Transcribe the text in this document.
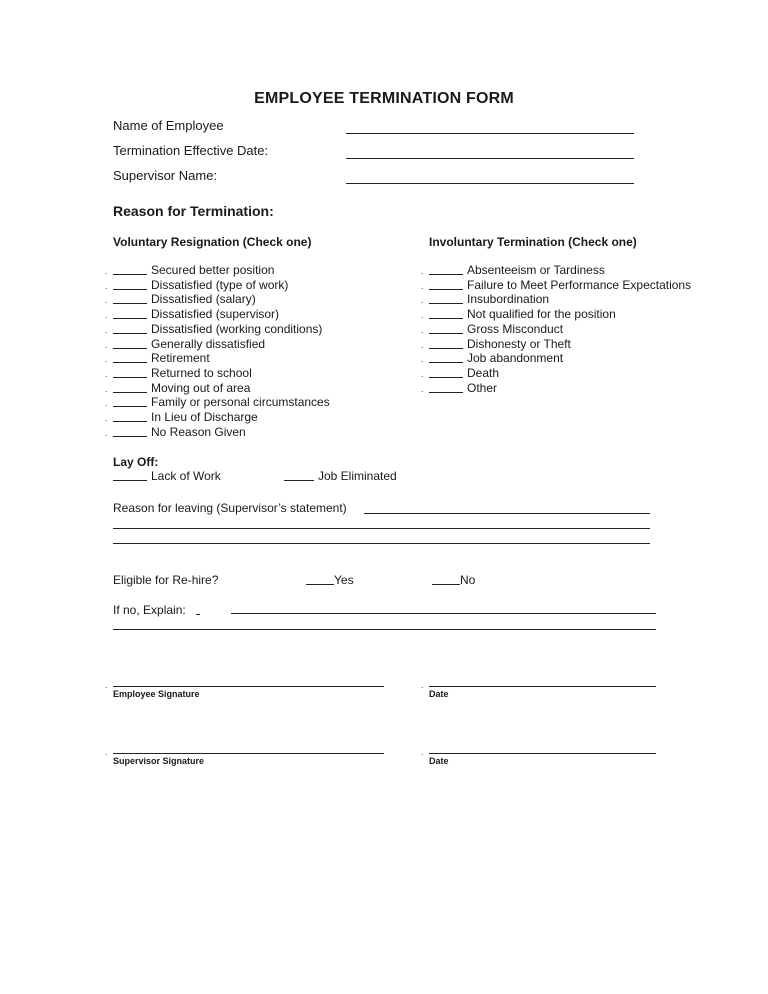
EMPLOYEE TERMINATION FORM
Name of Employee
Termination Effective Date:
Supervisor Name:
Reason for Termination:
Voluntary Resignation (Check one)	Involuntary Termination (Check one)
Secured better position
Dissatisfied (type of work)
Dissatisfied (salary)
Dissatisfied (supervisor)
Dissatisfied (working conditions)
Generally dissatisfied
Retirement
Returned to school
Moving out of area
Family or personal circumstances
In Lieu of Discharge
No Reason Given
Absenteeism or Tardiness
Failure to Meet Performance Expectations
Insubordination
Not qualified for the position
Gross Misconduct
Dishonesty or Theft
Job abandonment
Death
Other
.
.
.
.
.
.
.
.
.
.
.
.
.
.
.
.
.
.
.
.
.
Lay Off:
Lack of Work	Job Eliminated
Reason for leaving (Supervisor’s statement)
Eligible for Re-hire?	Yes	No
If no, Explain:
Employee Signature	Date
Supervisor Signature	Date
.	.
.	.
